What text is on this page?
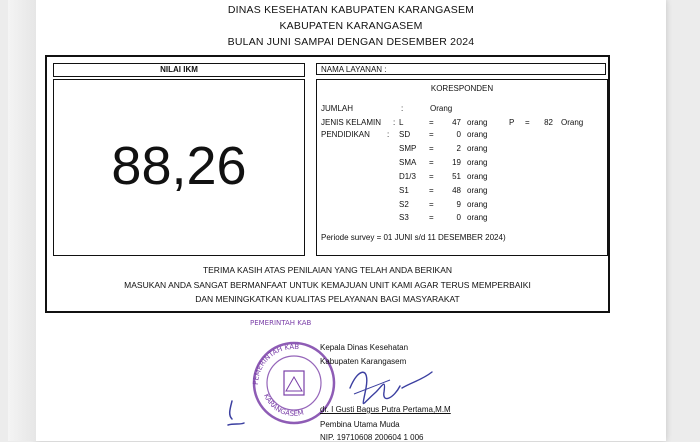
DINAS KESEHATAN KABUPATEN KARANGASEM
KABUPATEN KARANGASEM
BULAN JUNI SAMPAI DENGAN DESEMBER 2024
NILAI IKM
88,26
NAMA LAYANAN :
KORESPONDEN
JUMLAH	:	Orang
JENIS KELAMIN : L	=	47 orang	P =	82 Orang
PENDIDIKAN : SD =	0 orang
SMP =	2 orang
SMA =	19 orang
D1/3 =	51 orang
S1	=	48 orang
S2	=	9 orang
S3	=	0 orang
Periode survey = 01 JUNI s/d 11 DESEMBER 2024)
TERIMA KASIH ATAS PENILAIAN YANG TELAH ANDA BERIKAN
MASUKAN ANDA SANGAT BERMANFAAT UNTUK KEMAJUAN UNIT KAMI AGAR TERUS MEMPERBAIKI
DAN MENINGKATKAN KUALITAS PELAYANAN BAGI MASYARAKAT
PEMERINTAH KAB
PEMERINTAH KAB
KARANGASEM
Kepala Dinas Kesehatan
Kabupaten Karangasem
dr. I Gusti Bagus Putra Pertama,M.M
Pembina Utama Muda
NIP. 19710608 200604 1 006
